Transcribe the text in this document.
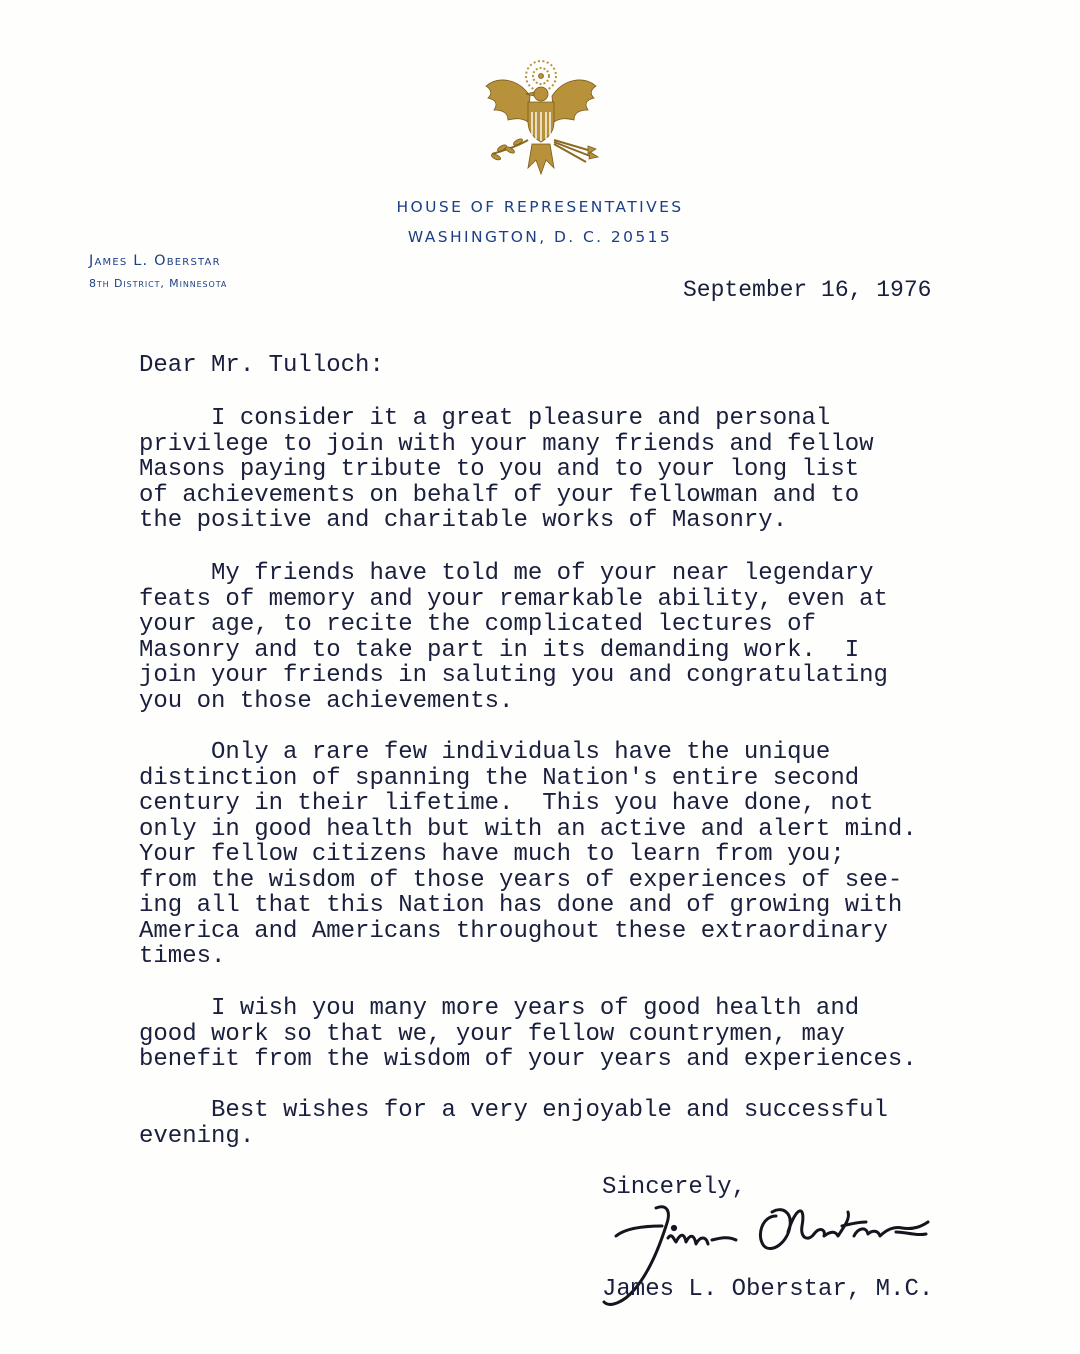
HOUSE OF REPRESENTATIVES
WASHINGTON, D. C. 20515
James L. Oberstar
8th District, Minnesota	September 16, 1976

Dear Mr. Tulloch:

I consider it a great pleasure and personal
privilege to join with your many friends and fellow
Masons paying tribute to you and to your long list
of achievements on behalf of your fellowman and to
the positive and charitable works of Masonry.

My friends have told me of your near legendary
feats of memory and your remarkable ability, even at
your age, to recite the complicated lectures of
Masonry and to take part in its demanding work.  I
join your friends in saluting you and congratulating
you on those achievements.

Only a rare few individuals have the unique
distinction of spanning the Nation's entire second
century in their lifetime.  This you have done, not
only in good health but with an active and alert mind.
Your fellow citizens have much to learn from you;
from the wisdom of those years of experiences of see-
ing all that this Nation has done and of growing with
America and Americans throughout these extraordinary
times.

I wish you many more years of good health and
good work so that we, your fellow countrymen, may
benefit from the wisdom of your years and experiences.

Best wishes for a very enjoyable and successful
evening.

Sincerely,

James L. Oberstar, M.C.
